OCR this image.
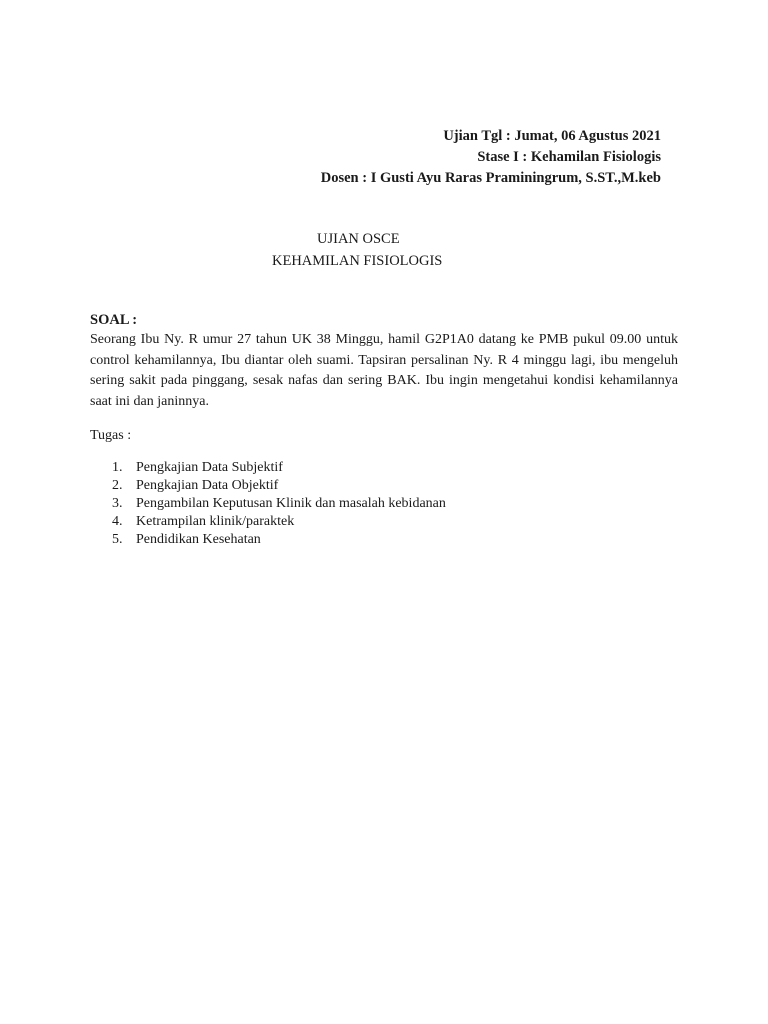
Ujian Tgl : Jumat, 06 Agustus 2021
Stase I : Kehamilan Fisiologis
Dosen : I Gusti Ayu Raras Praminingrum, S.ST.,M.keb
UJIAN OSCE
KEHAMILAN FISIOLOGIS
SOAL :
Seorang Ibu Ny. R umur 27 tahun UK 38 Minggu, hamil G2P1A0 datang ke PMB pukul 09.00 untuk control kehamilannya, Ibu diantar oleh suami. Tapsiran persalinan Ny. R 4 minggu lagi, ibu mengeluh sering sakit pada pinggang, sesak nafas dan sering BAK. Ibu ingin mengetahui kondisi kehamilannya saat ini dan janinnya.
Tugas :
1. Pengkajian Data Subjektif
2. Pengkajian Data Objektif
3. Pengambilan Keputusan Klinik dan masalah kebidanan
4. Ketrampilan klinik/paraktek
5. Pendidikan Kesehatan
